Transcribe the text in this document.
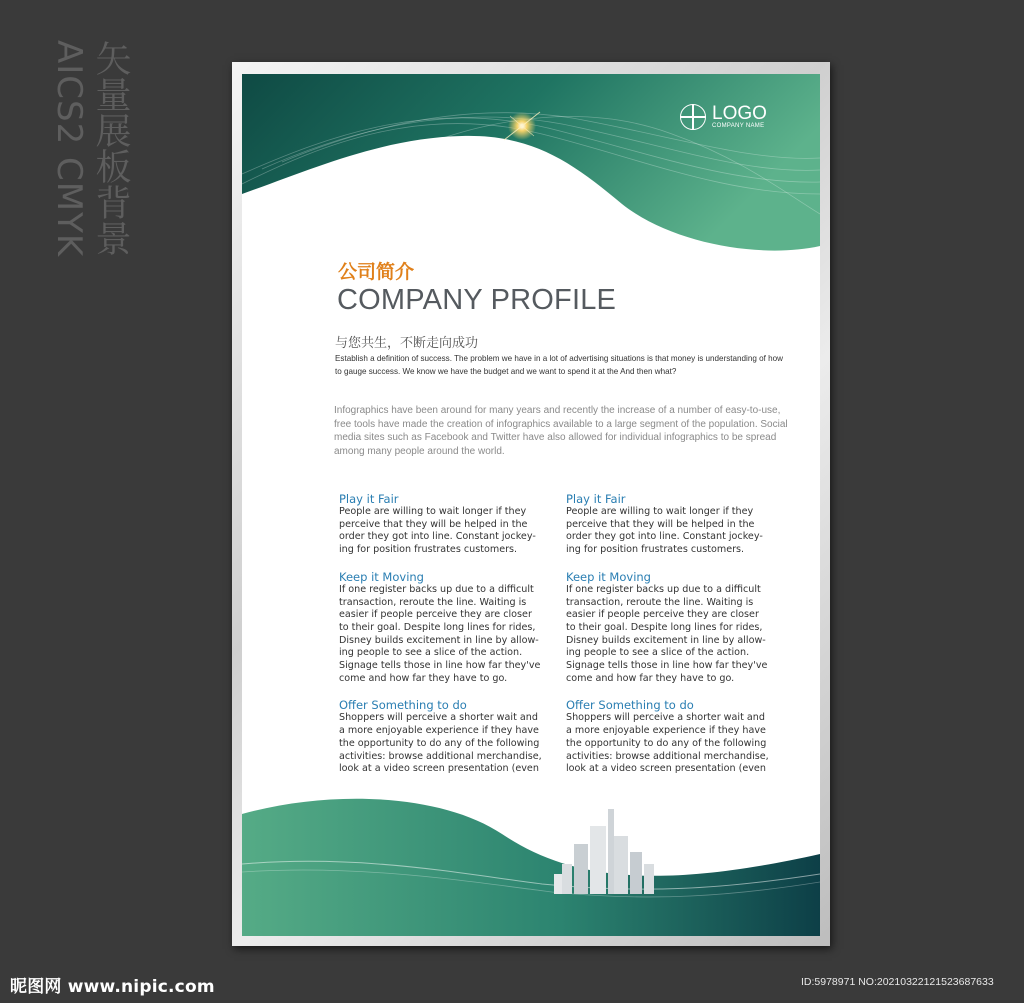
矢量展板背景
AICS2 CMYK	LOGO
COMPANY NAME
公司简介
COMPANY PROFILE
与您共生，不断走向成功
Establish a definition of success. The problem we have in a lot of advertising situations is that money is understanding of how to gauge success. We know we have the budget and we want to spend it at the And then what?
Infographics have been around for many years and recently the increase of a number of easy-to-use, free tools have made the creation of infographics available to a large segment of the population. Social media sites such as Facebook and Twitter have also allowed for individual infographics to be spread among many people around the world.
Play it Fair
People are willing to wait longer if they
perceive that they will be helped in the
order they got into line. Constant jockey-
ing for position frustrates customers.
Keep it Moving
If one register backs up due to a difficult
transaction, reroute the line. Waiting is
easier if people perceive they are closer
to their goal. Despite long lines for rides,
Disney builds excitement in line by allow-
ing people to see a slice of the action.
Signage tells those in line how far they've
come and how far they have to go.
Offer Something to do
Shoppers will perceive a shorter wait and
a more enjoyable experience if they have
the opportunity to do any of the following
activities: browse additional merchandise,
look at a video screen presentation (even
Play it Fair
People are willing to wait longer if they
perceive that they will be helped in the
order they got into line. Constant jockey-
ing for position frustrates customers.
Keep it Moving
If one register backs up due to a difficult
transaction, reroute the line. Waiting is
easier if people perceive they are closer
to their goal. Despite long lines for rides,
Disney builds excitement in line by allow-
ing people to see a slice of the action.
Signage tells those in line how far they've
come and how far they have to go.
Offer Something to do
Shoppers will perceive a shorter wait and
a more enjoyable experience if they have
the opportunity to do any of the following
activities: browse additional merchandise,
look at a video screen presentation (even
昵图网 www.nipic.com	ID:5978971 NO:20210322121523687633
